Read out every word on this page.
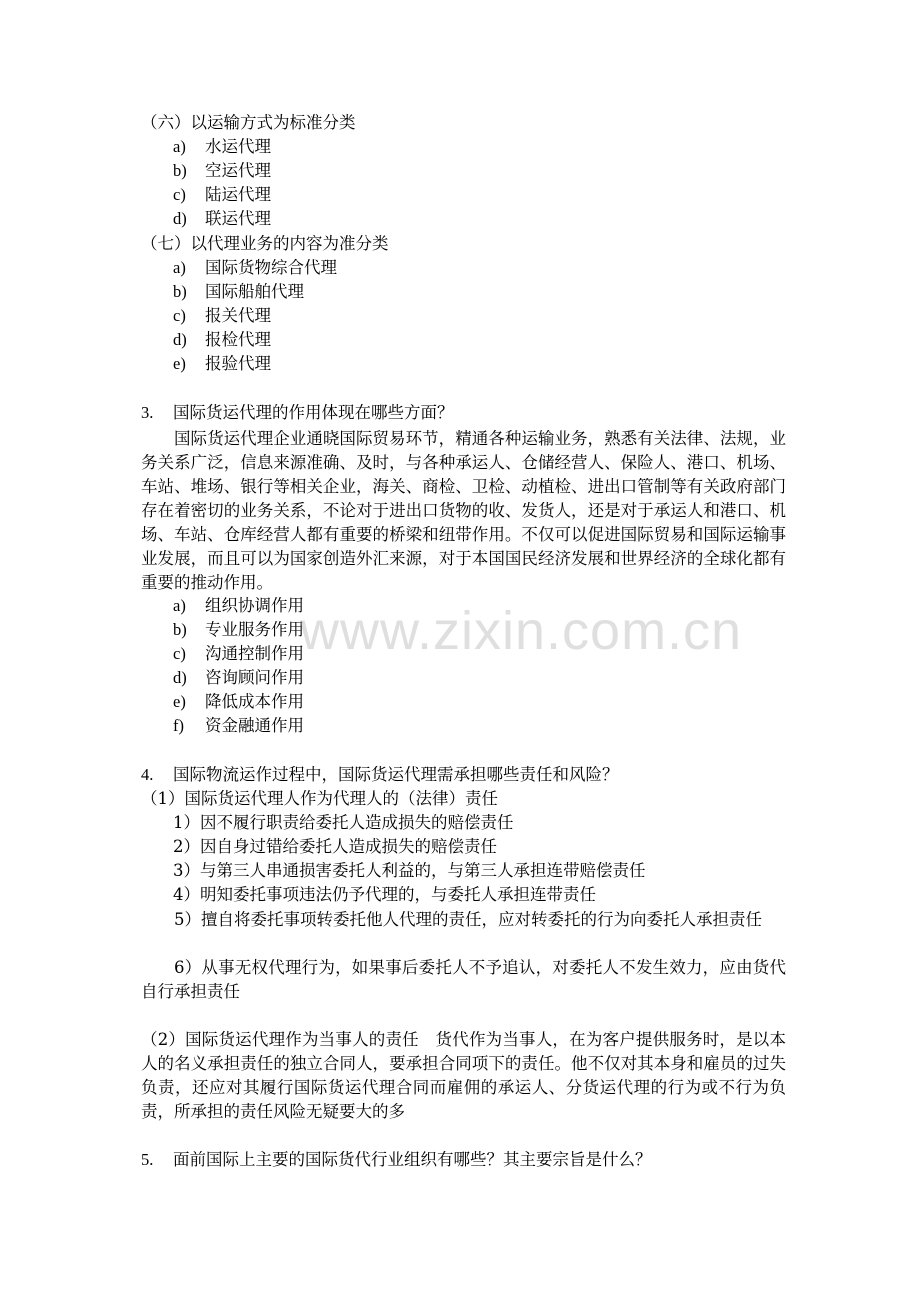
（六）以运输方式为标准分类
a) 水运代理
b) 空运代理
c) 陆运代理
d) 联运代理
（七）以代理业务的内容为准分类
a) 国际货物综合代理
b) 国际船舶代理
c) 报关代理
d) 报检代理
e) 报验代理
3. 国际货运代理的作用体现在哪些方面？

国际货运代理企业通晓国际贸易环节，精通各种运输业务，熟悉有关法律、法规，业务关系广泛，信息来源准确、及时，与各种承运人、仓储经营人、保险人、港口、机场、车站、堆场、银行等相关企业，海关、商检、卫检、动植检、进出口管制等有关政府部门存在着密切的业务关系，不论对于进出口货物的收、发货人，还是对于承运人和港口、机场、车站、仓库经营人都有重要的桥梁和纽带作用。不仅可以促进国际贸易和国际运输事业发展，而且可以为国家创造外汇来源，对于本国国民经济发展和世界经济的全球化都有重要的推动作用。

a) 组织协调作用
b) 专业服务作用
c) 沟通控制作用
d) 咨询顾问作用
e) 降低成本作用
f) 资金融通作用
www.zixin.com.cn
4. 国际物流运作过程中，国际货运代理需承担哪些责任和风险？
（1）国际货运代理人作为代理人的（法律）责任
1）因不履行职责给委托人造成损失的赔偿责任
2）因自身过错给委托人造成损失的赔偿责任
3）与第三人串通损害委托人利益的，与第三人承担连带赔偿责任
4）明知委托事项违法仍予代理的，与委托人承担连带责任

5）擅自将委托事项转委托他人代理的责任，应对转委托的行为向委托人承担责任

6）从事无权代理行为，如果事后委托人不予追认，对委托人不发生效力，应由货代自行承担责任

（2）国际货运代理作为当事人的责任　货代作为当事人，在为客户提供服务时，是以本人的名义承担责任的独立合同人，要承担合同项下的责任。他不仅对其本身和雇员的过失负责，还应对其履行国际货运代理合同而雇佣的承运人、分货运代理的行为或不行为负责，所承担的责任风险无疑要大的多

5. 面前国际上主要的国际货代行业组织有哪些？其主要宗旨是什么？
